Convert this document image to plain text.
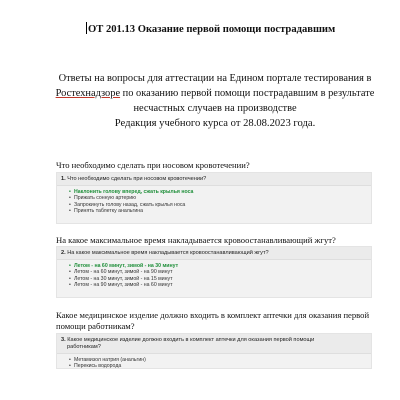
ОТ 201.13 Оказание первой помощи пострадавшим
Ответы на вопросы для аттестации на Едином портале тестирования в Ростехнадзоре по оказанию первой помощи пострадавшим в результате несчастных случаев на производстве
Редакция учебного курса от 28.08.2023 года.
Что необходимо сделать при носовом кровотечении?
1. Что необходимо сделать при носовом кровотечении?
• Наклонить голову вперед, сжать крылья носа
• Прижать сонную артерию
• Запрокинуть голову назад, сжать крылья носа
• Принять таблетку анальгина
На какое максимальное время накладывается кровоостанавливающий жгут?
2. На какое максимальное время накладывается кровоостанавливающий жгут?
• Летом - на 60 минут, зимой - на 30 минут
• Летом - на 60 минут, зимой - на 90 минут
• Летом - на 30 минут, зимой - на 15 минут
• Летом - на 90 минут, зимой - на 60 минут
Какое медицинское изделие должно входить в комплект аптечки для оказания первой
помощи работникам?
3. Какое медицинское изделие должно входить в комплект аптечки для оказания первой помощи
работникам?
• Метамизол натрия (анальгин)
• Перекись водорода
